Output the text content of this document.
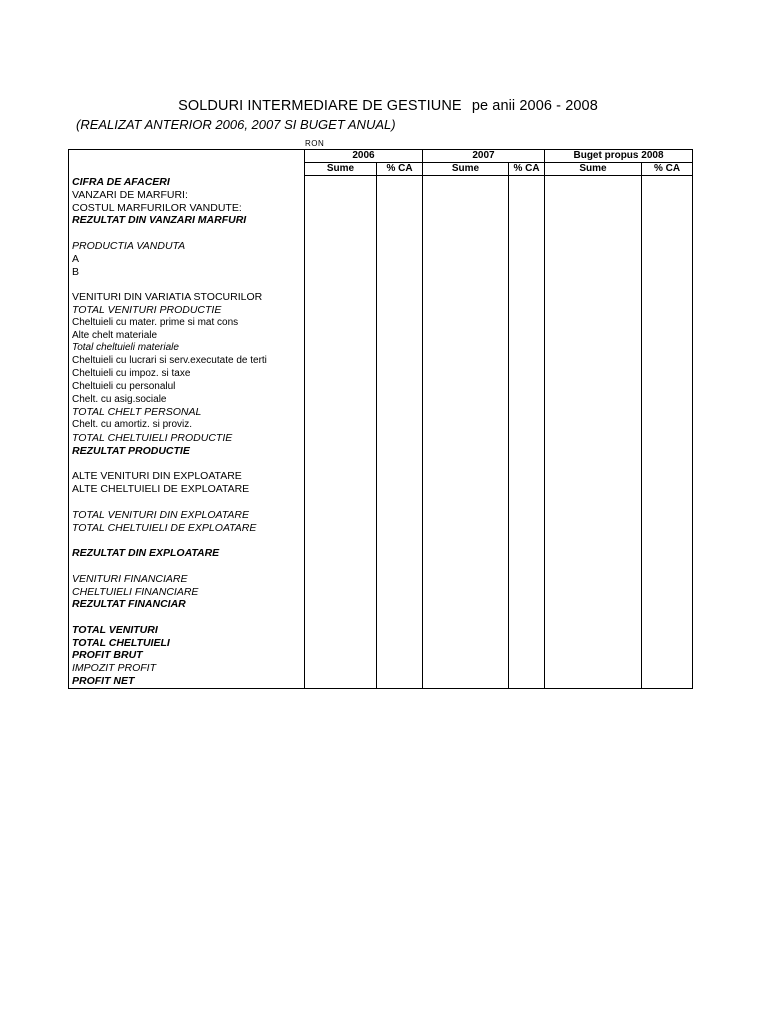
SOLDURI INTERMEDIARE DE GESTIUNE pe anii 2006 - 2008
(REALIZAT ANTERIOR 2006, 2007 SI BUGET ANUAL)
RON
	2006		2007		Buget propus 2008	
	Sume	% CA	Sume	% CA	Sume	% CA
CIFRA DE AFACERI						
VANZARI DE MARFURI:						
COSTUL MARFURILOR VANDUTE:						
REZULTAT DIN VANZARI MARFURI						

PRODUCTIA VANDUTA						
A						
B						

VENITURI DIN VARIATIA STOCURILOR						
TOTAL VENITURI PRODUCTIE						
Cheltuieli cu mater. prime si mat cons						
Alte chelt materiale						
Total cheltuieli materiale						
Cheltuieli cu lucrari si serv.executate de terti						
Cheltuieli cu impoz. si taxe						
Cheltuieli cu personalul						
Chelt. cu asig.sociale						
TOTAL CHELT PERSONAL						
Chelt. cu amortiz. si proviz.						
TOTAL CHELTUIELI PRODUCTIE						
REZULTAT PRODUCTIE						

ALTE VENITURI DIN EXPLOATARE						
ALTE CHELTUIELI DE EXPLOATARE						

TOTAL VENITURI DIN EXPLOATARE						
TOTAL CHELTUIELI DE EXPLOATARE						

REZULTAT DIN EXPLOATARE						

VENITURI FINANCIARE						
CHELTUIELI FINANCIARE						
REZULTAT FINANCIAR						

TOTAL VENITURI						
TOTAL CHELTUIELI						
PROFIT BRUT						
IMPOZIT PROFIT						
PROFIT NET						
